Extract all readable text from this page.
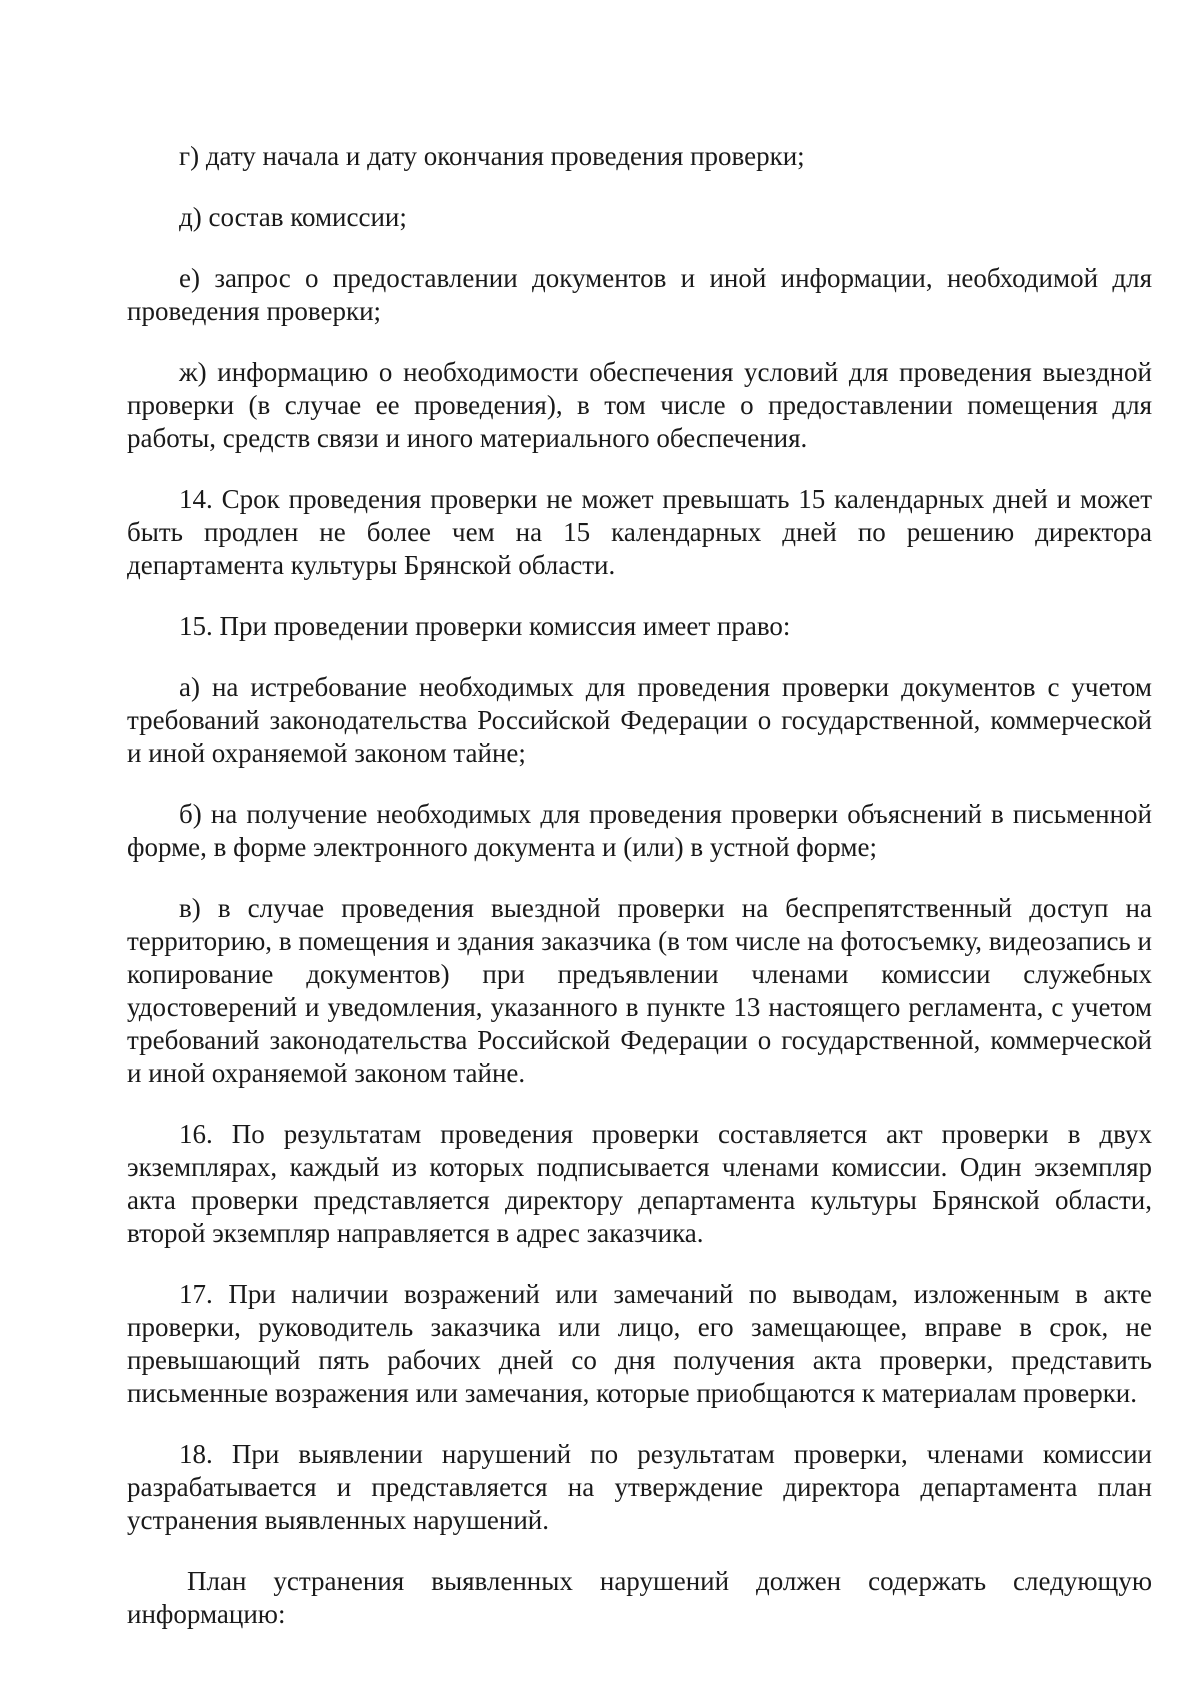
г) дату начала и дату окончания проведения проверки;

д) состав комиссии;

е) запрос о предоставлении документов и иной информации, необходимой для проведения проверки;

ж) информацию о необходимости обеспечения условий для проведения выездной проверки (в случае ее проведения), в том числе о предоставлении помещения для работы, средств связи и иного материального обеспечения.

14. Срок проведения проверки не может превышать 15 календарных дней и может быть продлен не более чем на 15 календарных дней по решению директора департамента культуры Брянской области.

15. При проведении проверки комиссия имеет право:

а) на истребование необходимых для проведения проверки документов с учетом требований законодательства Российской Федерации о государственной, коммерческой и иной охраняемой законом тайне;

б) на получение необходимых для проведения проверки объяснений в письменной форме, в форме электронного документа и (или) в устной форме;

в) в случае проведения выездной проверки на беспрепятственный доступ на территорию, в помещения и здания заказчика (в том числе на фотосъемку, видеозапись и копирование документов) при предъявлении членами комиссии служебных удостоверений и уведомления, указанного в пункте 13 настоящего регламента, с учетом требований законодательства Российской Федерации о государственной, коммерческой и иной охраняемой законом тайне.

16. По результатам проведения проверки составляется акт проверки в двух экземплярах, каждый из которых подписывается членами комиссии. Один экземпляр акта проверки представляется директору департамента культуры Брянской области, второй экземпляр направляется в адрес заказчика.

17. При наличии возражений или замечаний по выводам, изложенным в акте проверки, руководитель заказчика или лицо, его замещающее, вправе в срок, не превышающий пять рабочих дней со дня получения акта проверки, представить письменные возражения или замечания, которые приобщаются к материалам проверки.

18. При выявлении нарушений по результатам проверки, членами комиссии разрабатывается и представляется на утверждение директора департамента план устранения выявленных нарушений.

План устранения выявленных нарушений должен содержать следующую информацию:
